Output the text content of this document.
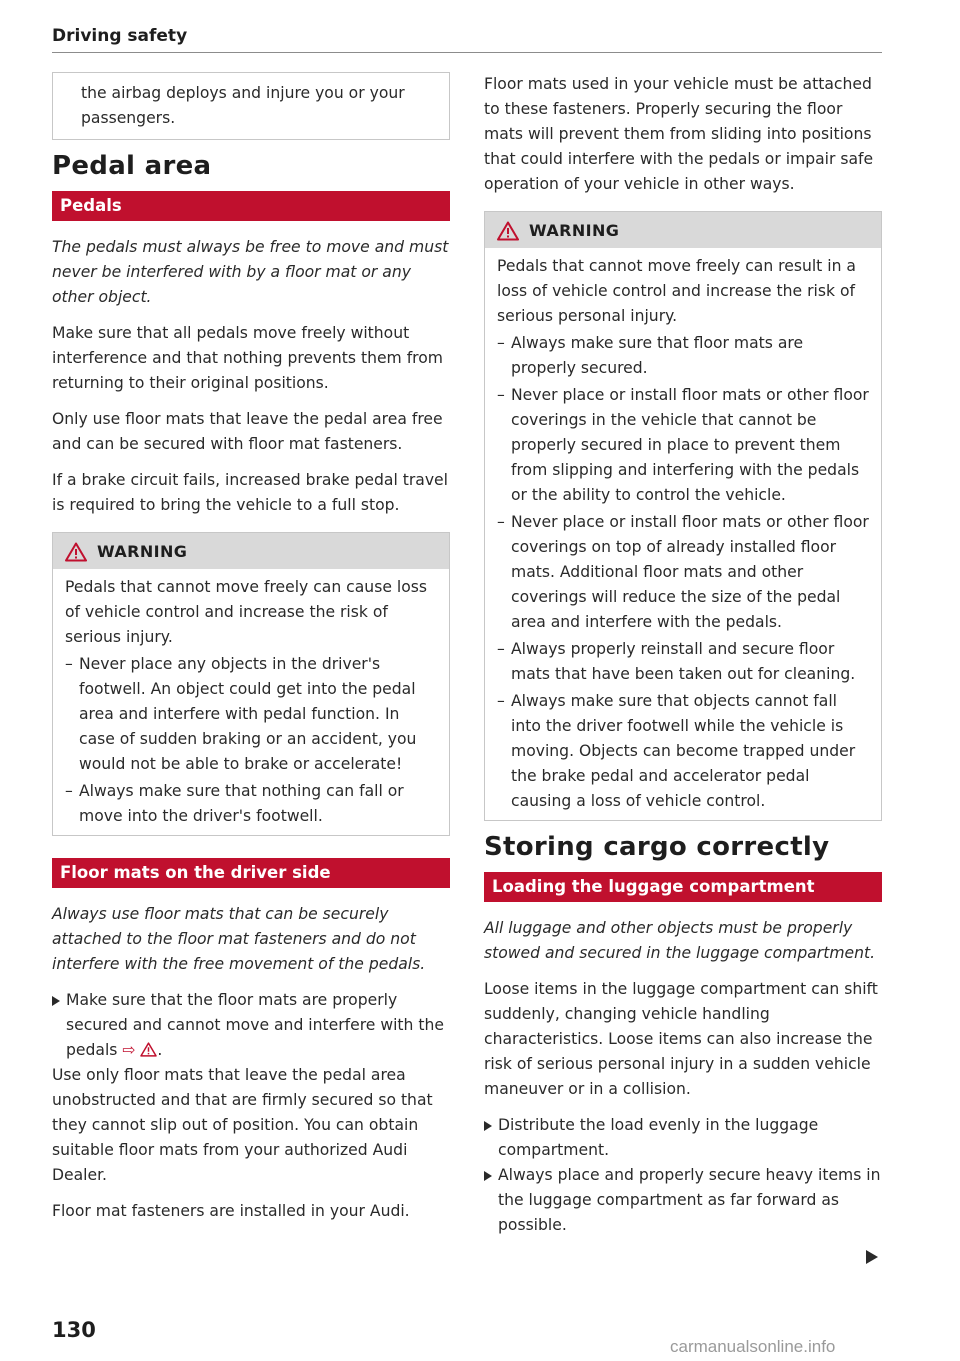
Driving safety
the airbag deploys and injure you or your passengers.
Pedal area
Pedals

The pedals must always be free to move and must never be interfered with by a floor mat or any other object.

Make sure that all pedals move freely without interference and that nothing prevents them from returning to their original positions.

Only use floor mats that leave the pedal area free and can be secured with floor mat fasteners.

If a brake circuit fails, increased brake pedal travel is required to bring the vehicle to a full stop.

WARNING

Pedals that cannot move freely can cause loss of vehicle control and increase the risk of serious injury.

– Never place any objects in the driver's footwell. An object could get into the pedal area and interfere with pedal function. In case of sudden braking or an accident, you would not be able to brake or accelerate!
– Always make sure that nothing can fall or move into the driver's footwell.
Floor mats on the driver side

Always use floor mats that can be securely attached to the floor mat fasteners and do not interfere with the free movement of the pedals.

Make sure that the floor mats are properly secured and cannot move and interfere with the pedals ⇨ .

Use only floor mats that leave the pedal area unobstructed and that are firmly secured so that they cannot slip out of position. You can obtain suitable floor mats from your authorized Audi Dealer.

Floor mat fasteners are installed in your Audi.

Floor mats used in your vehicle must be attached to these fasteners. Properly securing the floor mats will prevent them from sliding into positions that could interfere with the pedals or impair safe operation of your vehicle in other ways.

WARNING

Pedals that cannot move freely can result in a loss of vehicle control and increase the risk of serious personal injury.

– Always make sure that floor mats are properly secured.
– Never place or install floor mats or other floor coverings in the vehicle that cannot be properly secured in place to prevent them from slipping and interfering with the pedals or the ability to control the vehicle.
– Never place or install floor mats or other floor coverings on top of already installed floor mats. Additional floor mats and other coverings will reduce the size of the pedal area and interfere with the pedals.
– Always properly reinstall and secure floor mats that have been taken out for cleaning.
– Always make sure that objects cannot fall into the driver footwell while the vehicle is moving. Objects can become trapped under the brake pedal and accelerator pedal causing a loss of vehicle control.
Storing cargo correctly
Loading the luggage compartment

All luggage and other objects must be properly stowed and secured in the luggage compartment.

Loose items in the luggage compartment can shift suddenly, changing vehicle handling characteristics. Loose items can also increase the risk of serious personal injury in a sudden vehicle maneuver or in a collision.

Distribute the load evenly in the luggage compartment.

Always place and properly secure heavy items in the luggage compartment as far forward as possible.

130
carmanualsonline.info
